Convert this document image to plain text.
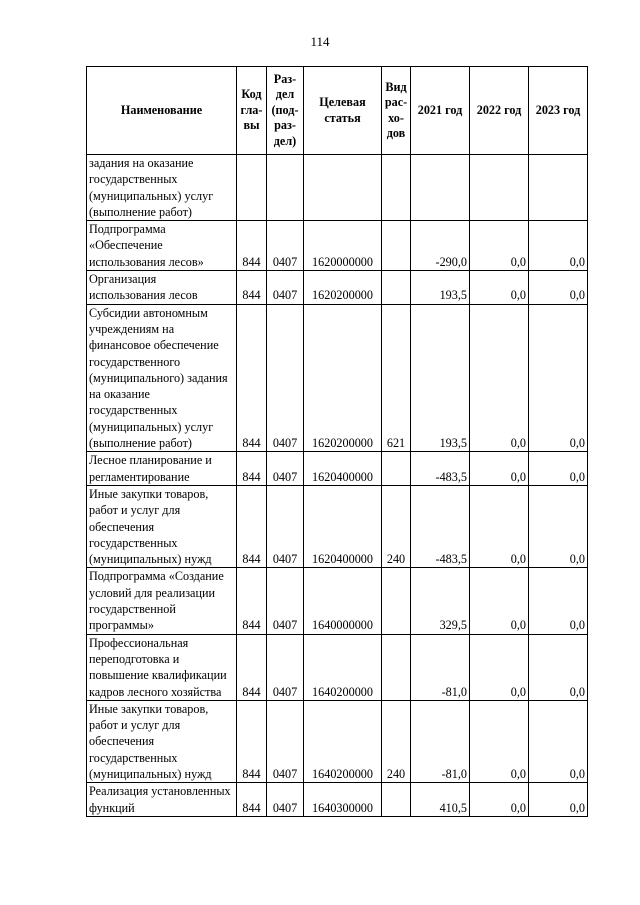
114
Наименование	Код гла-вы	Раз-дел (под-раз-дел)	Целевая статья	Вид рас-хо-дов	2021 год	2022 год	2023 год
задания на оказание государственных (муниципальных) услуг (выполнение работ)							
Подпрограмма «Обеспечение использования лесов»	844	0407	1620000000		-290,0	0,0	0,0
Организация использования лесов	844	0407	1620200000		193,5	0,0	0,0
Субсидии автономным учреждениям на финансовое обеспечение государственного (муниципального) задания на оказание государственных (муниципальных) услуг (выполнение работ)	844	0407	1620200000	621	193,5	0,0	0,0
Лесное планирование и регламентирование	844	0407	1620400000		-483,5	0,0	0,0
Иные закупки товаров, работ и услуг для обеспечения государственных (муниципальных) нужд	844	0407	1620400000	240	-483,5	0,0	0,0
Подпрограмма «Создание условий для реализации государственной программы»	844	0407	1640000000		329,5	0,0	0,0
Профессиональная переподготовка и повышение квалификации кадров лесного хозяйства	844	0407	1640200000		-81,0	0,0	0,0
Иные закупки товаров, работ и услуг для обеспечения государственных (муниципальных) нужд	844	0407	1640200000	240	-81,0	0,0	0,0
Реализация установленных функций	844	0407	1640300000		410,5	0,0	0,0
